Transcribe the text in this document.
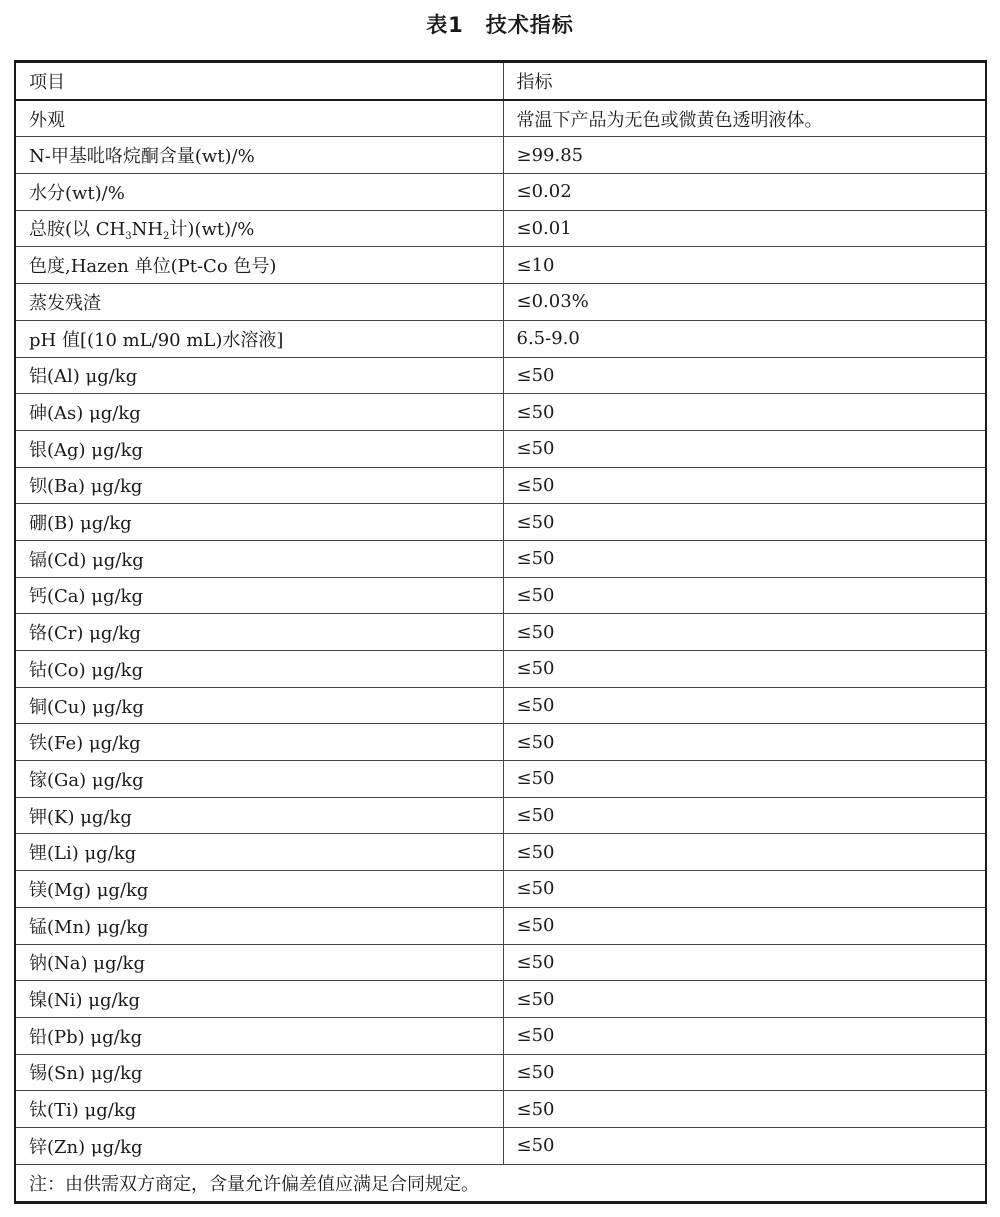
表1　技术指标
项目	指标
外观	常温下产品为无色或微黄色透明液体。
N-甲基吡咯烷酮含量(wt)/%	≥99.85
水分(wt)/%	≤0.02
总胺(以 $CH_3NH_2$计)(wt)/%	≤0.01
色度,Hazen 单位(Pt-Co 色号)	≤10
蒸发残渣	≤0.03%
pH 值[(10 mL/90 mL)水溶液]	6.5-9.0
铝(Al) μg/kg	≤50
砷(As) μg/kg	≤50
银(Ag) μg/kg	≤50
钡(Ba) μg/kg	≤50
硼(B) μg/kg	≤50
镉(Cd) μg/kg	≤50
钙(Ca) μg/kg	≤50
铬(Cr) μg/kg	≤50
钴(Co) μg/kg	≤50
铜(Cu) μg/kg	≤50
铁(Fe) μg/kg	≤50
镓(Ga) μg/kg	≤50
钾(K) μg/kg	≤50
锂(Li) μg/kg	≤50
镁(Mg) μg/kg	≤50
锰(Mn) μg/kg	≤50
钠(Na) μg/kg	≤50
镍(Ni) μg/kg	≤50
铅(Pb) μg/kg	≤50
锡(Sn) μg/kg	≤50
钛(Ti) μg/kg	≤50
锌(Zn) μg/kg	≤50
注：由供需双方商定，含量允许偏差值应满足合同规定。	
